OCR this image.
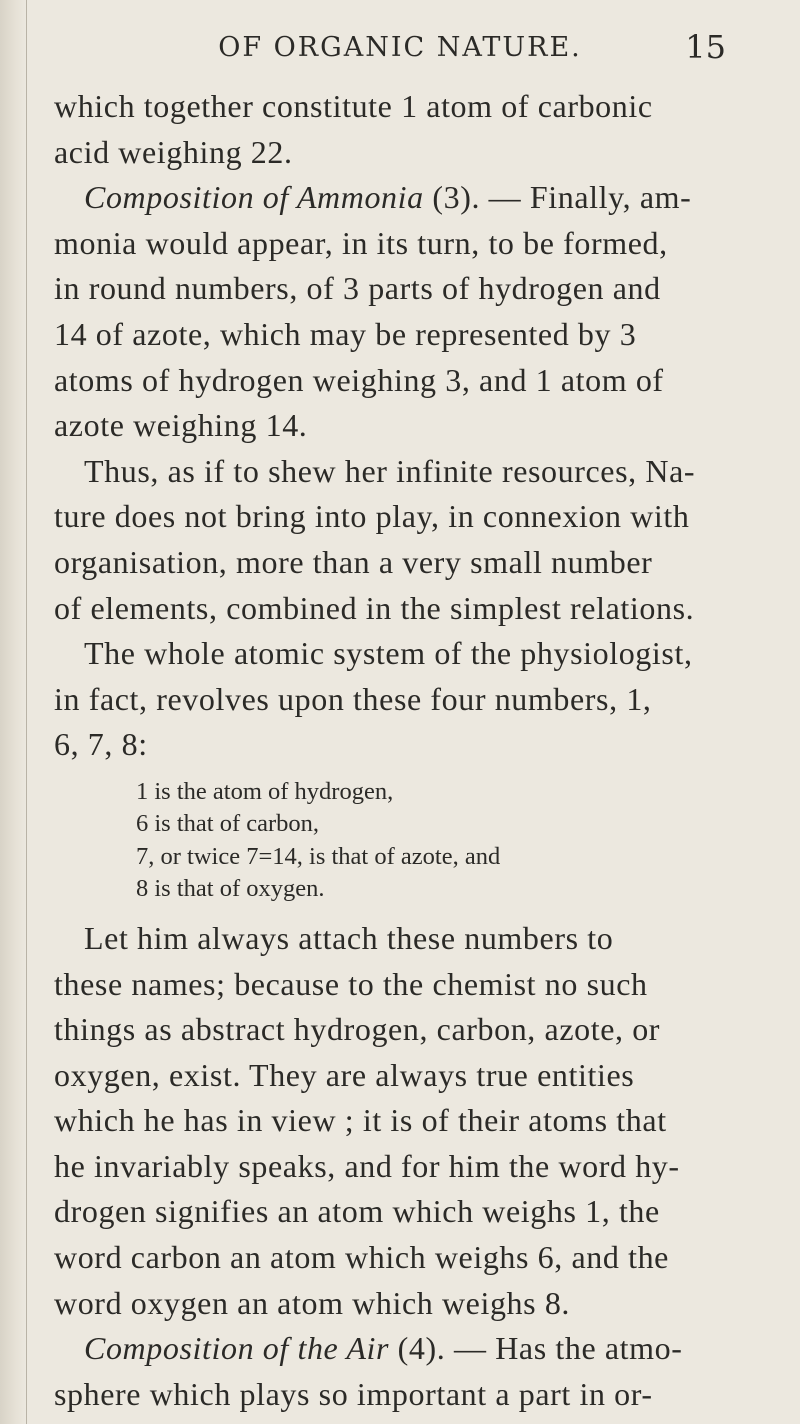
OF ORGANIC NATURE.	15
which together constitute 1 atom of carbonic
acid weighing 22.
Composition of Ammonia (3). — Finally, am-
monia would appear, in its turn, to be formed,
in round numbers, of 3 parts of hydrogen and
14 of azote, which may be represented by 3
atoms of hydrogen weighing 3, and 1 atom of
azote weighing 14.
Thus, as if to shew her infinite resources, Na-
ture does not bring into play, in connexion with
organisation, more than a very small number
of elements, combined in the simplest relations.
The whole atomic system of the physiologist,
in fact, revolves upon these four numbers, 1,
6, 7, 8:
1 is the atom of hydrogen,
6 is that of carbon,
7, or twice 7=14, is that of azote, and
8 is that of oxygen.
Let him always attach these numbers to
these names; because to the chemist no such
things as abstract hydrogen, carbon, azote, or
oxygen, exist. They are always true entities
which he has in view ; it is of their atoms that
he invariably speaks, and for him the word hy-
drogen signifies an atom which weighs 1, the
word carbon an atom which weighs 6, and the
word oxygen an atom which weighs 8.
Composition of the Air (4). — Has the atmo-
sphere which plays so important a part in or-
